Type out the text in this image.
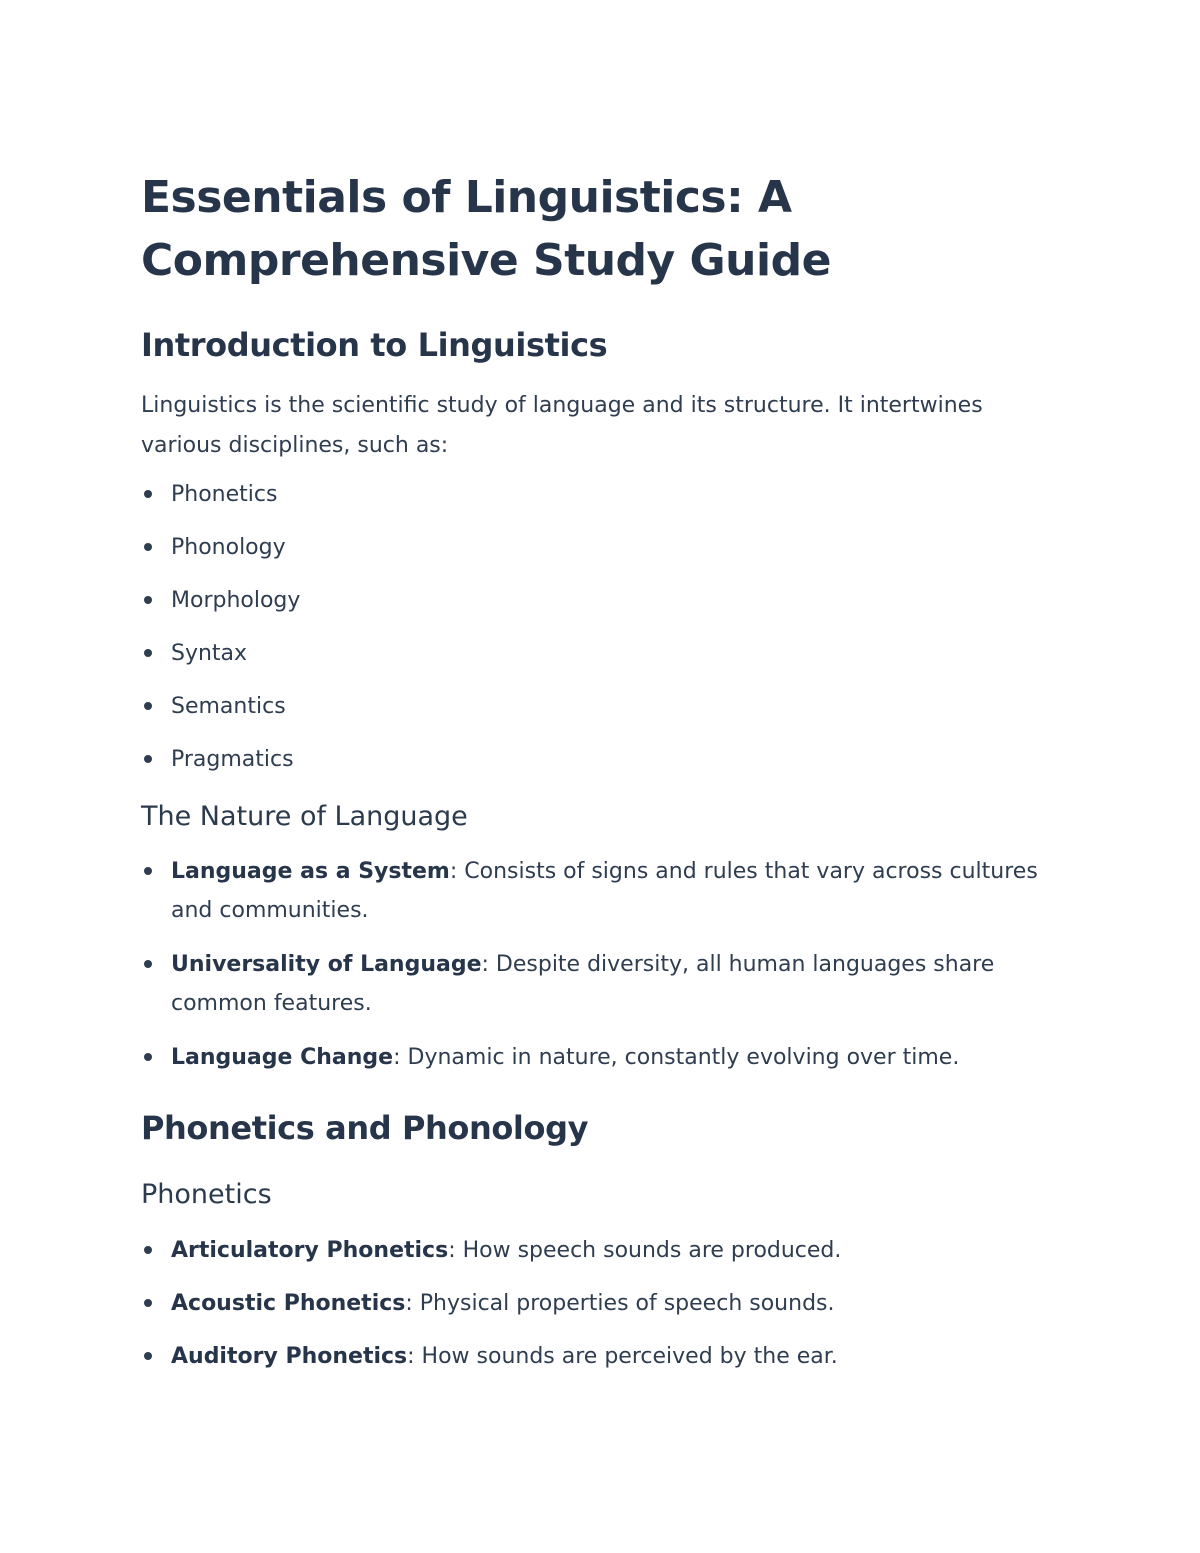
Essentials of Linguistics: A
Comprehensive Study Guide
Introduction to Linguistics

Linguistics is the scientific study of language and its structure. It intertwines various disciplines, such as:

Phonetics
Phonology
Morphology
Syntax
Semantics
Pragmatics
The Nature of Language
Language as a System: Consists of signs and rules that vary across cultures and communities.
Universality of Language: Despite diversity, all human languages share common features.
Language Change: Dynamic in nature, constantly evolving over time.
Phonetics and Phonology
Phonetics
Articulatory Phonetics: How speech sounds are produced.
Acoustic Phonetics: Physical properties of speech sounds.
Auditory Phonetics: How sounds are perceived by the ear.
